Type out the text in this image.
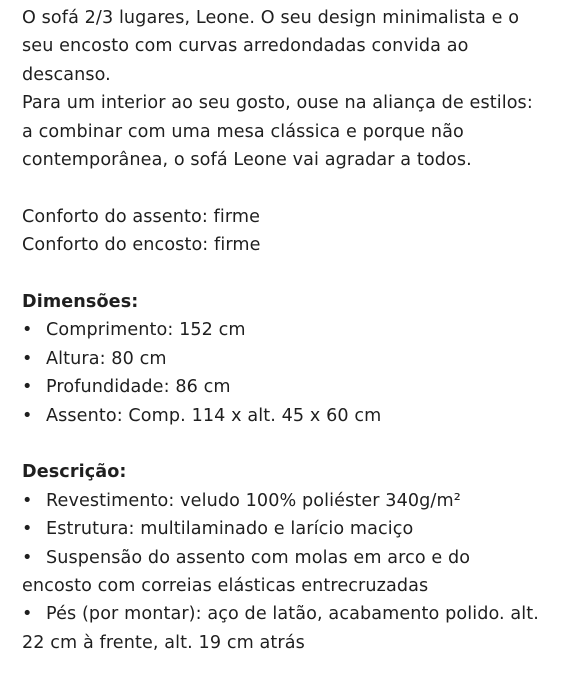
O sofá 2/3 lugares, Leone. O seu design minimalista e o seu encosto com curvas arredondadas convida ao descanso.

Para um interior ao seu gosto, ouse na aliança de estilos: a combinar com uma mesa clássica e porque não contemporânea, o sofá Leone vai agradar a todos.

Conforto do assento: firme

Conforto do encosto: firme

Dimensões:

• Comprimento: 152 cm
• Altura: 80 cm
• Profundidade: 86 cm
• Assento: Comp. 114 x alt. 45 x 60 cm

Descrição:

• Revestimento: veludo 100% poliéster 340g/m²
• Estrutura: multilaminado e larício maciço
• Suspensão do assento com molas em arco e do encosto com correias elásticas entrecruzadas
• Pés (por montar): aço de latão, acabamento polido. alt. 22 cm à frente, alt. 19 cm atrás
